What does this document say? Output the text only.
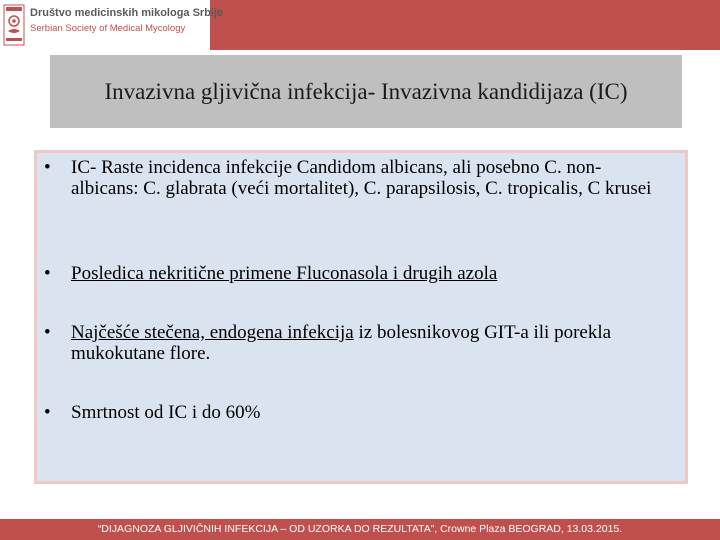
Društvo medicinskih mikologa Srbije
Serbian Society of Medical Mycology
Invazivna gljivična infekcija- Invazivna kandidijaza (IC)
• IC- Raste incidenca infekcije Candidom albicans, ali posebno C. non-albicans: C. glabrata (veći mortalitet), C. parapsilosis, C. tropicalis, C krusei
• Posledica nekritične primene Fluconasola i drugih azola
• Najčešće stečena, endogena infekcija iz bolesnikovog GIT-a ili porekla mukokutane flore.
• Smrtnost od IC i do 60%
“DIJAGNOZA GLJIVIČNIH INFEKCIJA – OD UZORKA DO REZULTATA”, Crowne Plaza BEOGRAD, 13.03.2015.
